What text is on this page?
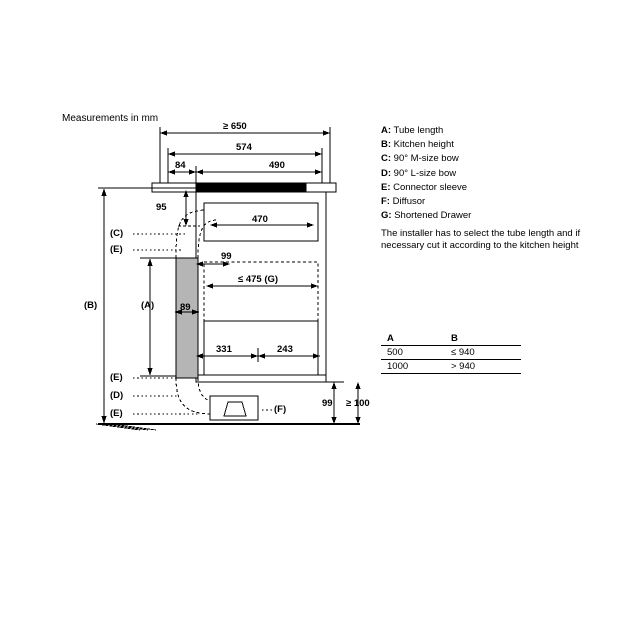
Measurements in mm
A: Tube length
B: Kitchen height
C: 90° M-size bow
D: 90° L-size bow
E: Connector sleeve
F: Diffusor
G: Shortened Drawer
The installer has to select the tube length and if necessary cut it according to the kitchen height
A	B
500	≤ 940
1000	> 940
≥ 650
574
84	490
95
470
99
≤ 475 (G)
89
331	243
99 ≥ 100
(B)	(A)
(C)
(E)
(E)
(D)
(E)	(F)
